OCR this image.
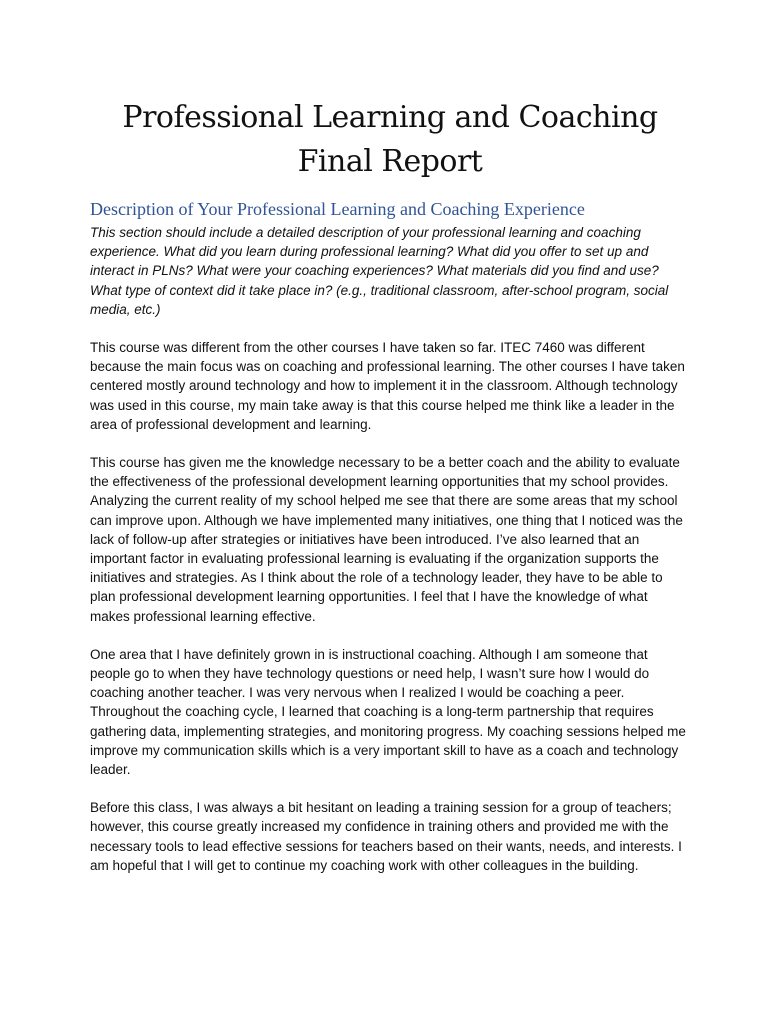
Professional Learning and Coaching
Final Report
Description of Your Professional Learning and Coaching Experience

This section should include a detailed description of your professional learning and coaching experience. What did you learn during professional learning? What did you offer to set up and interact in PLNs? What were your coaching experiences? What materials did you find and use? What type of context did it take place in? (e.g., traditional classroom, after-school program, social media, etc.)

This course was different from the other courses I have taken so far. ITEC 7460 was different because the main focus was on coaching and professional learning. The other courses I have taken centered mostly around technology and how to implement it in the classroom. Although technology was used in this course, my main take away is that this course helped me think like a leader in the area of professional development and learning.

This course has given me the knowledge necessary to be a better coach and the ability to evaluate the effectiveness of the professional development learning opportunities that my school provides. Analyzing the current reality of my school helped me see that there are some areas that my school can improve upon. Although we have implemented many initiatives, one thing that I noticed was the lack of follow-up after strategies or initiatives have been introduced. I’ve also learned that an important factor in evaluating professional learning is evaluating if the organization supports the initiatives and strategies. As I think about the role of a technology leader, they have to be able to plan professional development learning opportunities. I feel that I have the knowledge of what makes professional learning effective.

One area that I have definitely grown in is instructional coaching. Although I am someone that people go to when they have technology questions or need help, I wasn’t sure how I would do coaching another teacher. I was very nervous when I realized I would be coaching a peer. Throughout the coaching cycle, I learned that coaching is a long-term partnership that requires gathering data, implementing strategies, and monitoring progress. My coaching sessions helped me improve my communication skills which is a very important skill to have as a coach and technology leader.

Before this class, I was always a bit hesitant on leading a training session for a group of teachers; however, this course greatly increased my confidence in training others and provided me with the necessary tools to lead effective sessions for teachers based on their wants, needs, and interests. I am hopeful that I will get to continue my coaching work with other colleagues in the building.
